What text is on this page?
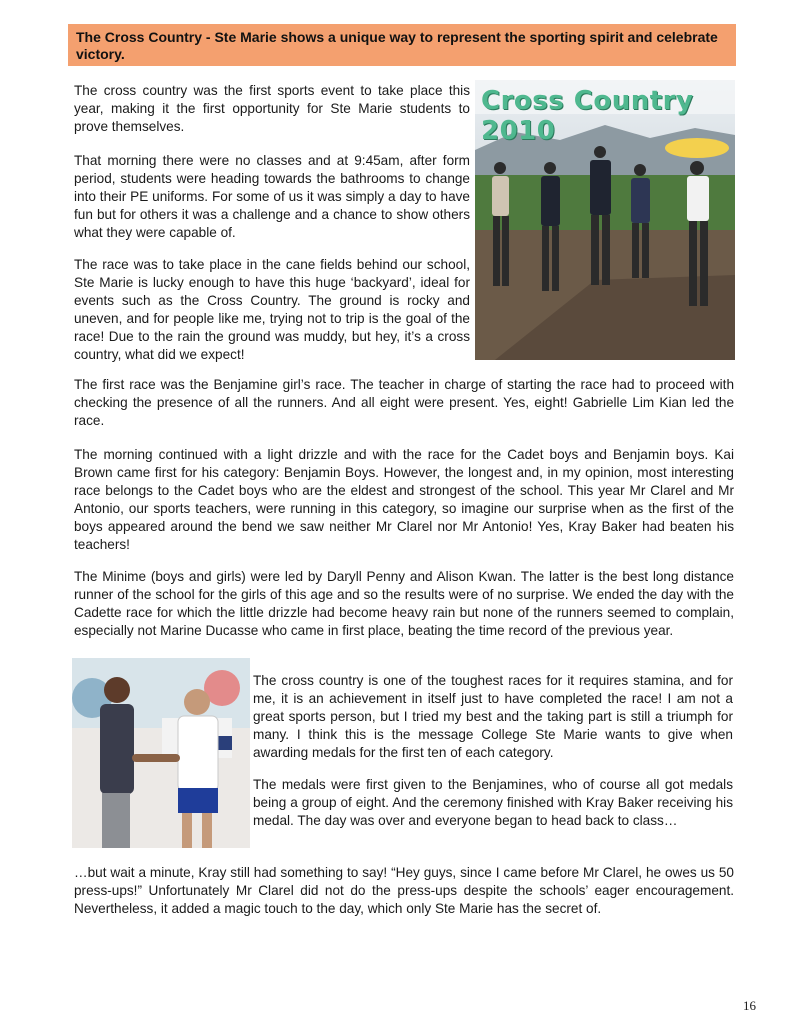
The Cross Country - Ste Marie shows a unique way to represent the sporting spirit and celebrate victory.

The cross country was the first sports event to take place this year, making it the first opportunity for Ste Marie students to prove themselves.

That morning there were no classes and at 9:45am, after form period, students were heading towards the bathrooms to change into their PE uniforms. For some of us it was simply a day to have fun but for others it was a challenge and a chance to show others what they were capable of.

The race was to take place in the cane fields behind our school, Ste Marie is lucky enough to have this huge ‘backyard’, ideal for events such as the Cross Country. The ground is rocky and uneven, and for people like me, trying not to trip is the goal of the race! Due to the rain the ground was muddy, but hey, it’s a cross country, what did we expect!

Cross Country 2010

The first race was the Benjamine girl’s race. The teacher in charge of starting the race had to proceed with checking the presence of all the runners. And all eight were present. Yes, eight! Gabrielle Lim Kian led the race.

The morning continued with a light drizzle and with the race for the Cadet boys and Benjamin boys. Kai Brown came first for his category: Benjamin Boys. However, the longest and, in my opinion, most interesting race belongs to the Cadet boys who are the eldest and strongest of the school. This year Mr Clarel and Mr Antonio, our sports teachers, were running in this category, so imagine our surprise when as the first of the boys appeared around the bend we saw neither Mr Clarel nor Mr Antonio! Yes, Kray Baker had beaten his teachers!

The Minime (boys and girls) were led by Daryll Penny and Alison Kwan. The latter is the best long distance runner of the school for the girls of this age and so the results were of no surprise. We ended the day with the Cadette race for which the little drizzle had become heavy rain but none of the runners seemed to complain, especially not Marine Ducasse who came in first place, beating the time record of the previous year.

The cross country is one of the toughest races for it requires stamina, and for me, it is an achievement in itself just to have completed the race! I am not a great sports person, but I tried my best and the taking part is still a triumph for many. I think this is the message College Ste Marie wants to give when awarding medals for the first ten of each category.

The medals were first given to the Benjamines, who of course all got medals being a group of eight. And the ceremony finished with Kray Baker receiving his medal. The day was over and everyone began to head back to class…

…but wait a minute, Kray still had something to say! “Hey guys, since I came before Mr Clarel, he owes us 50 press-ups!” Unfortunately Mr Clarel did not do the press-ups despite the schools’ eager encouragement. Nevertheless, it added a magic touch to the day, which only Ste Marie has the secret of.

16
